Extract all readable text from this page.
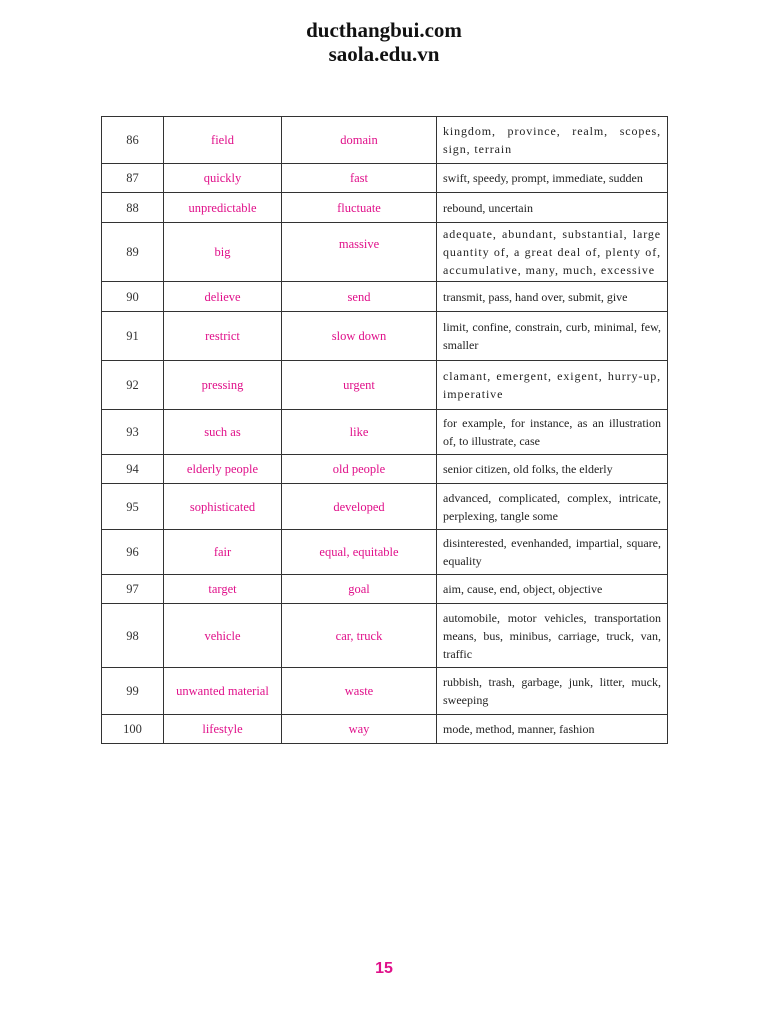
ducthangbui.com
saola.edu.vn
86	field	domain	kingdom, province, realm, scopes, sign, terrain
87	quickly	fast	swift, speedy, prompt, immediate, sudden
88	unpredictable	fluctuate	rebound, uncertain
89	big	massive	adequate, abundant, substantial, large quantity of, a great deal of, plenty of, accumulative, many, much, excessive
90	delieve	send	transmit, pass, hand over, submit, give
91	restrict	slow down	limit, confine, constrain, curb, minimal, few, smaller
92	pressing	urgent	clamant, emergent, exigent, hurry-up, imperative
93	such as	like	for example, for instance, as an illustration of, to illustrate, case
94	elderly people	old people	senior citizen, old folks, the elderly
95	sophisticated	developed	advanced, complicated, complex, intricate, perplexing, tangle some
96	fair	equal, equitable	disinterested, evenhanded, impartial, square, equality
97	target	goal	aim, cause, end, object, objective
98	vehicle	car, truck	automobile, motor vehicles, transportation means, bus, minibus, carriage, truck, van, traffic
99	unwanted material	waste	rubbish, trash, garbage, junk, litter, muck, sweeping
100	lifestyle	way	mode, method, manner, fashion
15
